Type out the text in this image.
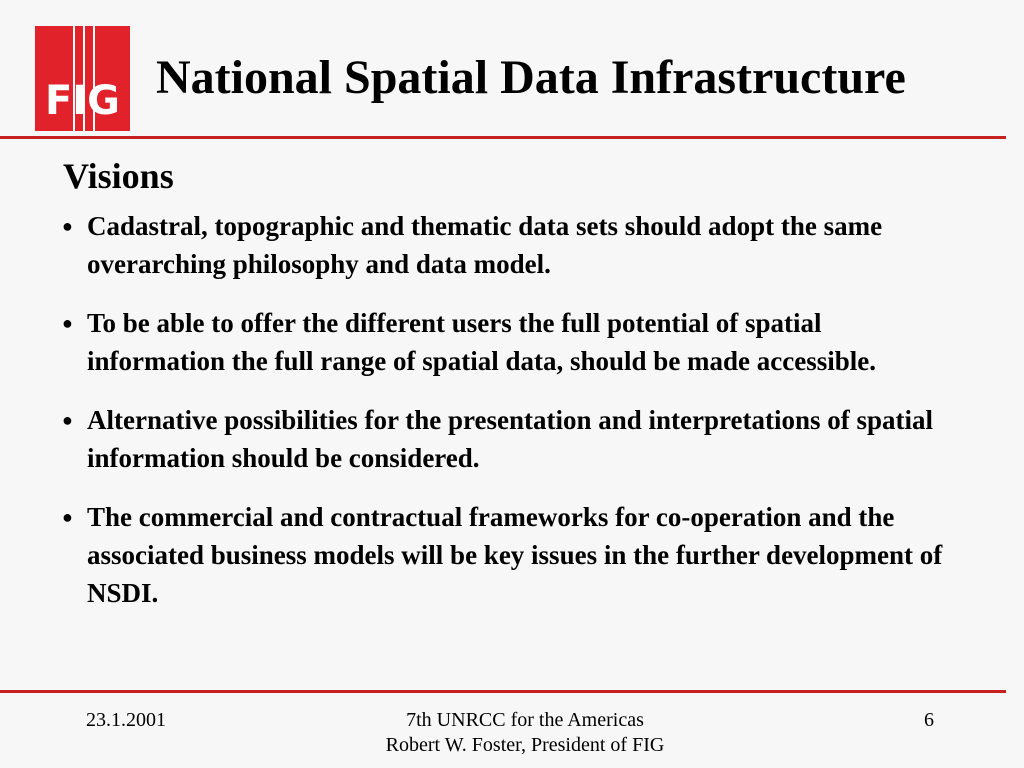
FIG National Spatial Data Infrastructure
Visions
● Cadastral, topographic and thematic data sets should adopt the same overarching philosophy and data model.
● To be able to offer the different users the full potential of spatial information the full range of spatial data, should be made accessible.
● Alternative possibilities for the presentation and interpretations of spatial information should be considered.
● The commercial and contractual frameworks for co-operation and the associated business models will be key issues in the further development of NSDI.
23.1.2001	7th UNRCC for the Americas
Robert W. Foster, President of FIG
6
